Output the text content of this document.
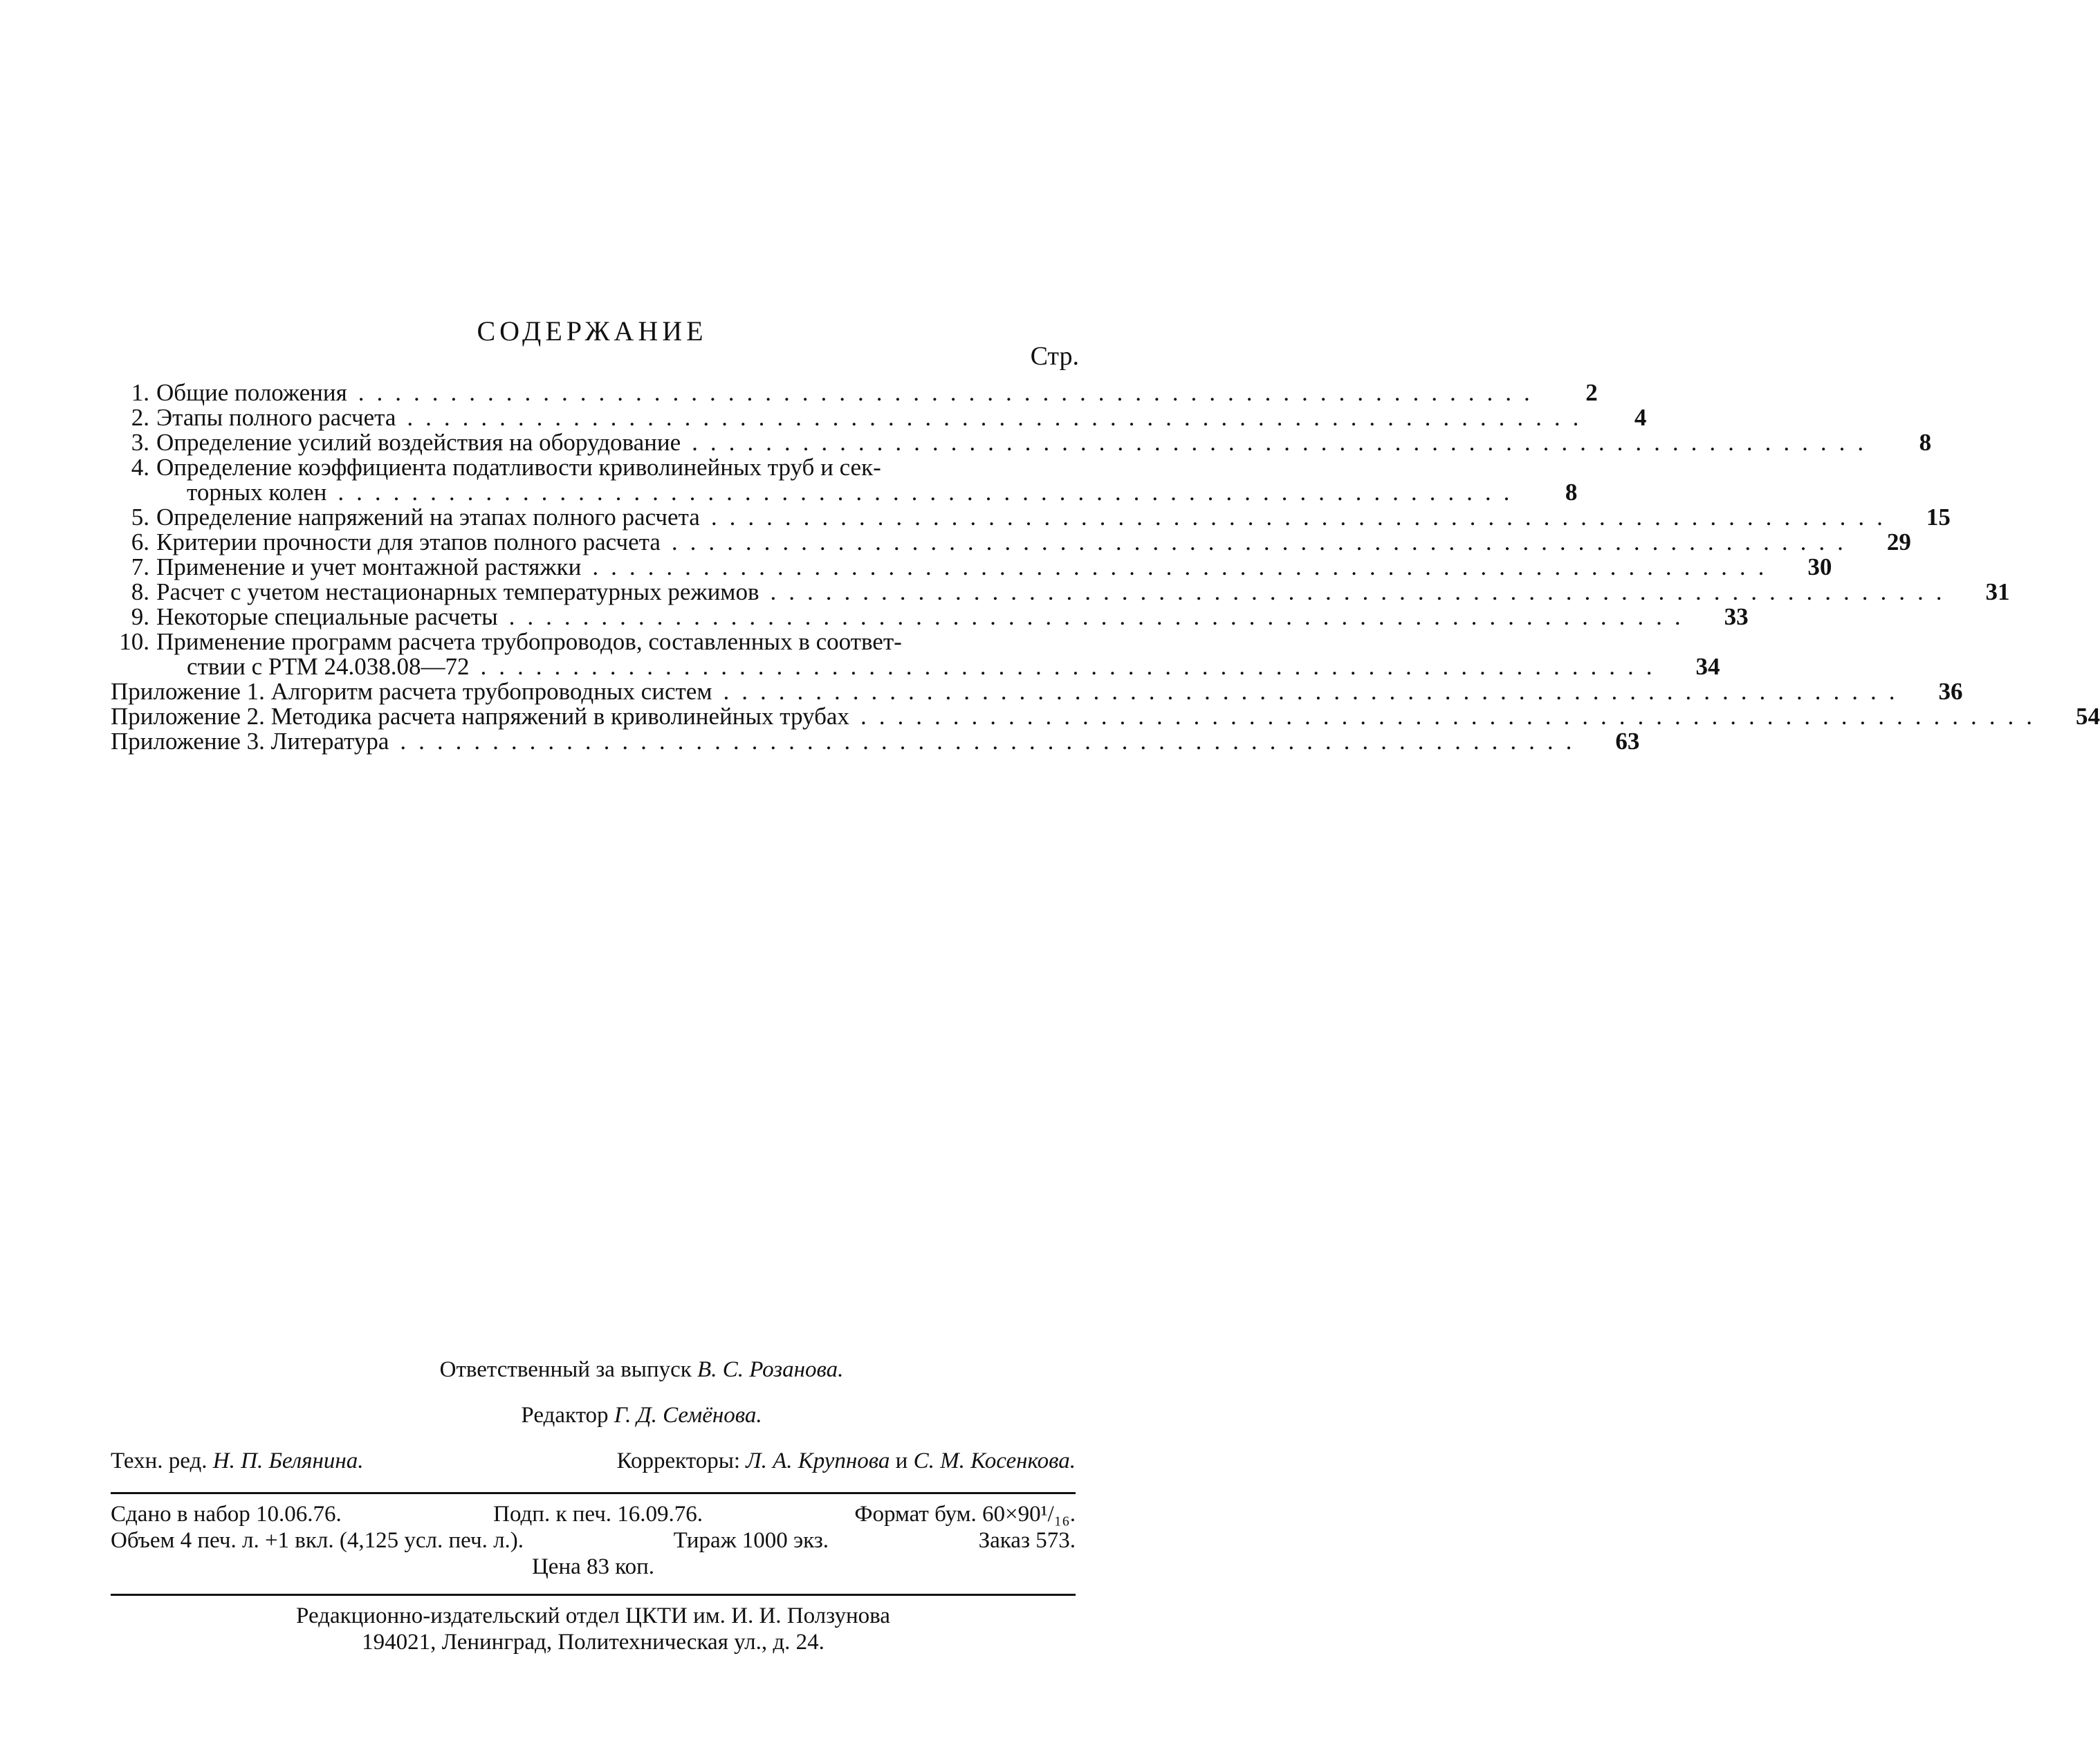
СОДЕРЖАНИЕ
Стр.
1. Общие положения ................................................................	2
2. Этапы полного расчета ................................................................	4
3. Определение усилий воздействия на оборудование ................................................................	8
4. Определение коэффициента податливости криволинейных труб и сек-
торных колен ................................................................	8
5. Определение напряжений на этапах полного расчета ................................................................	15
6. Критерии прочности для этапов полного расчета ................................................................	29
7. Применение и учет монтажной растяжки ................................................................	30
8. Расчет с учетом нестационарных температурных режимов ................................................................	31
9. Некоторые специальные расчеты ................................................................	33
10. Применение программ расчета трубопроводов, составленных в соответ-
ствии с РТМ 24.038.08—72 ................................................................	34
Приложение 1. Алгоритм расчета трубопроводных систем ................................................................	36
Приложение 2. Методика расчета напряжений в криволинейных трубах ................................................................	54
Приложение 3. Литература ................................................................	63
Ответственный за выпуск В. С. Розанова.
Редактор Г. Д. Семёнова.
Техн. ред. Н. П. Белянина.	Корректоры: Л. А. Крупнова и С. М. Косенкова.
Сдано в набор 10.06.76.	Подп. к печ. 16.09.76.	Формат бум. 60×90¹/₁₆.
Объем 4 печ. л. +1 вкл. (4,125 усл. печ. л.).	Тираж 1000 экз.	Заказ 573.
Цена 83 коп.
Редакционно-издательский отдел ЦКТИ им. И. И. Ползунова
194021, Ленинград, Политехническая ул., д. 24.
